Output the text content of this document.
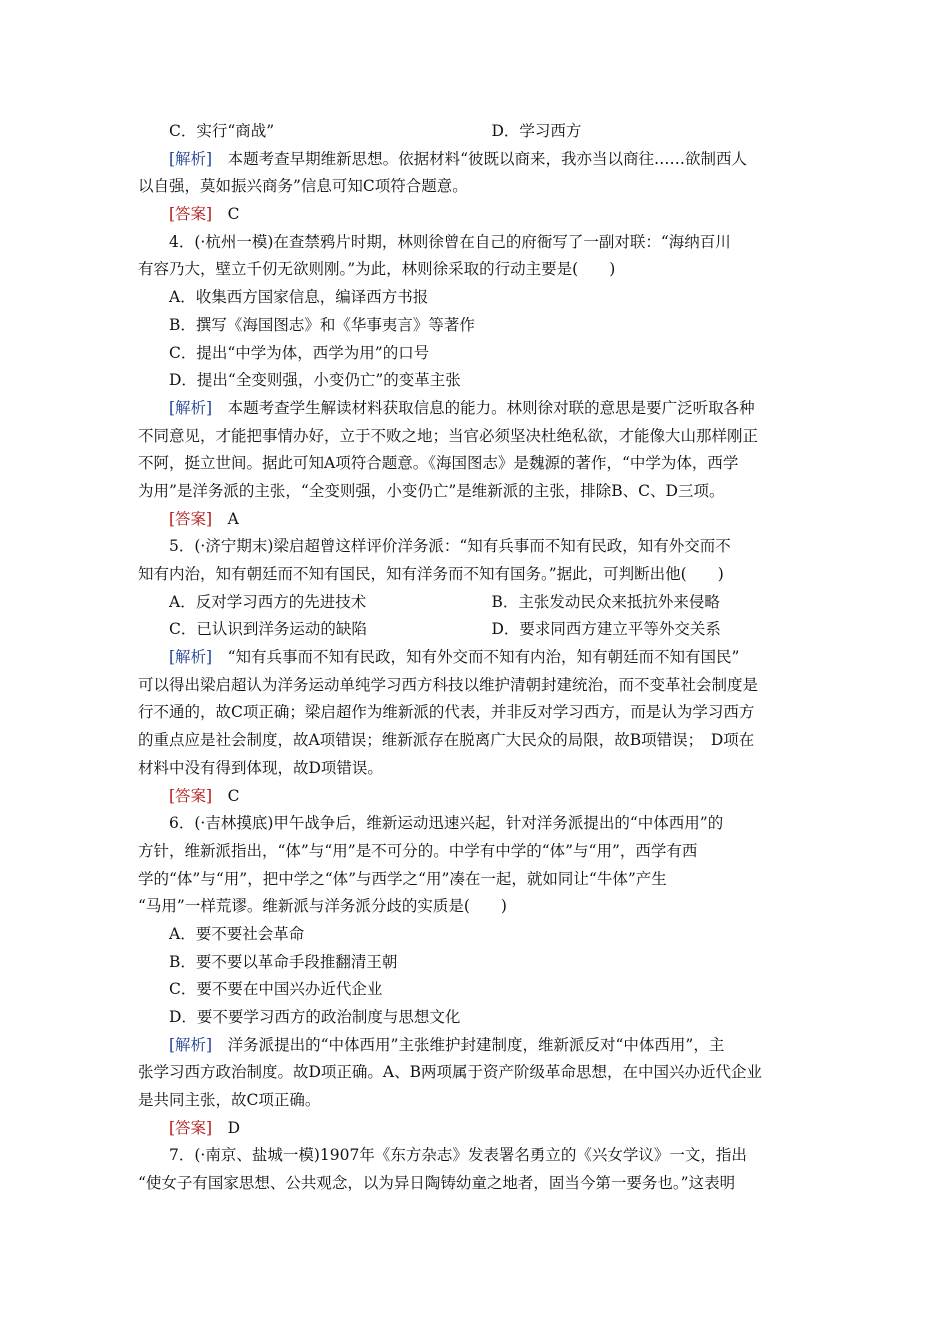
C．实行“商战”	D．学习西方
[解析]　 本题考查早期维新思想。依据材料“彼既以商来，我亦当以商往……欲制西人
以自强，莫如振兴商务”信息可知C项符合题意。
[答案]　 C
4．(·杭州一模)在查禁鸦片时期，林则徐曾在自己的府衙写了一副对联：“海纳百川
有容乃大，壁立千仞无欲则刚。”为此，林则徐采取的行动主要是(　　)
A．收集西方国家信息，编译西方书报
B．撰写《海国图志》和《华事夷言》等著作
C．提出“中学为体，西学为用”的口号
D．提出“全变则强，小变仍亡”的变革主张
[解析]　 本题考查学生解读材料获取信息的能力。林则徐对联的意思是要广泛听取各种
不同意见，才能把事情办好，立于不败之地；当官必须坚决杜绝私欲，才能像大山那样刚正
不阿，挺立世间。据此可知A项符合题意。《海国图志》是魏源的著作，“中学为体，西学
为用”是洋务派的主张，“全变则强，小变仍亡”是维新派的主张，排除B、C、D三项。
[答案]　 A
5．(·济宁期末)梁启超曾这样评价洋务派：“知有兵事而不知有民政，知有外交而不
知有内治，知有朝廷而不知有国民，知有洋务而不知有国务。”据此，可判断出他(　　)
A．反对学习西方的先进技术	B．主张发动民众来抵抗外来侵略
C．已认识到洋务运动的缺陷	D．要求同西方建立平等外交关系
[解析]　 “知有兵事而不知有民政，知有外交而不知有内治，知有朝廷而不知有国民”
可以得出梁启超认为洋务运动单纯学习西方科技以维护清朝封建统治，而不变革社会制度是
行不通的，故C项正确；梁启超作为维新派的代表，并非反对学习西方，而是认为学习西方
的重点应是社会制度，故A项错误；维新派存在脱离广大民众的局限，故B项错误；　D项在
材料中没有得到体现，故D项错误。
[答案]　 C
6．(·吉林摸底)甲午战争后，维新运动迅速兴起，针对洋务派提出的“中体西用”的
方针，维新派指出，“体”与“用”是不可分的。中学有中学的“体”与“用”，西学有西
学的“体”与“用”，把中学之“体”与西学之“用”凑在一起，就如同让“牛体”产生
“马用”一样荒谬。维新派与洋务派分歧的实质是(　　)
A．要不要社会革命
B．要不要以革命手段推翻清王朝
C．要不要在中国兴办近代企业
D．要不要学习西方的政治制度与思想文化
[解析]　 洋务派提出的“中体西用”主张维护封建制度，维新派反对“中体西用”，主
张学习西方政治制度。故D项正确。A、B两项属于资产阶级革命思想，在中国兴办近代企业
是共同主张，故C项正确。
[答案]　 D
7．(·南京、盐城一模)1907年《东方杂志》发表署名勇立的《兴女学议》一文，指出
“使女子有国家思想、公共观念，以为异日陶铸幼童之地者，固当今第一要务也。”这表明
